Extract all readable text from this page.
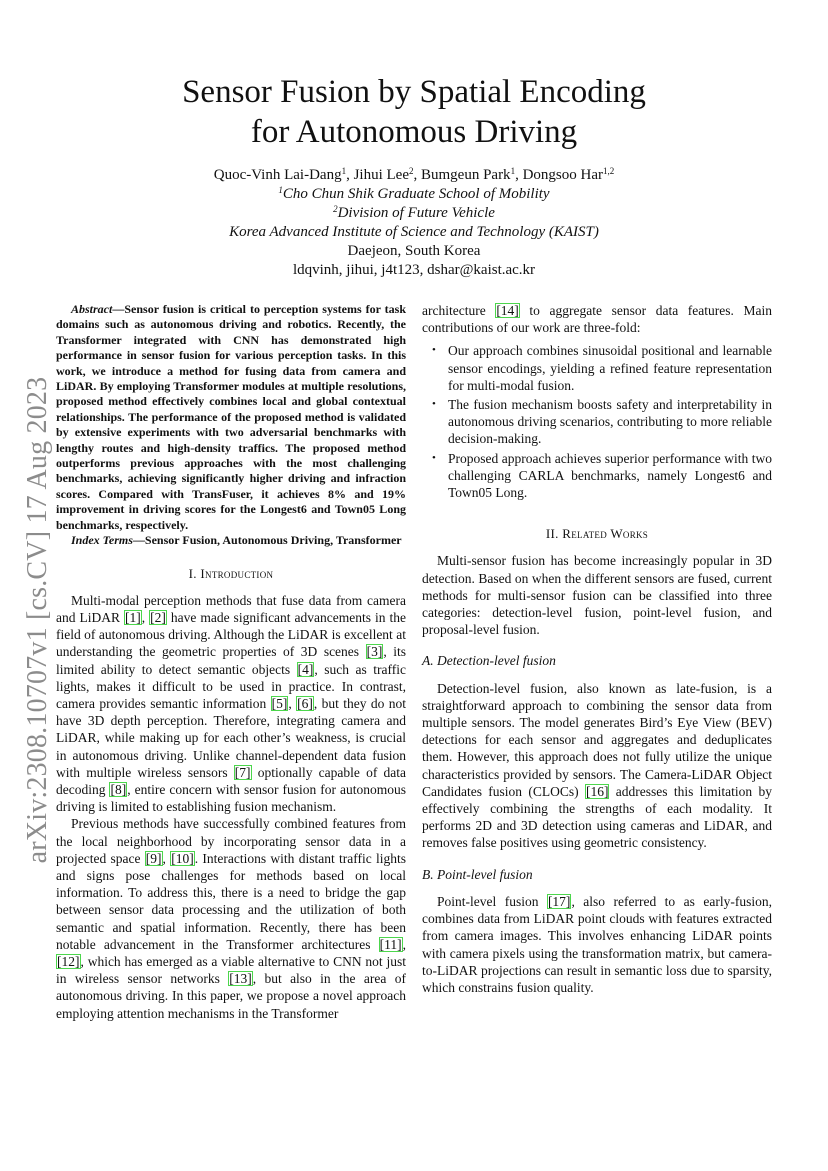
arXiv:2308.10707v1 [cs.CV] 17 Aug 2023
Sensor Fusion by Spatial Encoding
for Autonomous Driving
Quoc-Vinh Lai-Dang$^1$, Jihui Lee$^2$, Bumgeun Park$^1$, Dongsoo Har$^{1,2}$
$^1$Cho Chun Shik Graduate School of Mobility
$^2$Division of Future Vehicle
Korea Advanced Institute of Science and Technology (KAIST)
Daejeon, South Korea
ldqvinh, jihui, j4t123, dshar@kaist.ac.kr

Abstract—Sensor fusion is critical to perception systems for task domains such as autonomous driving and robotics. Recently, the Transformer integrated with CNN has demonstrated high performance in sensor fusion for various perception tasks. In this work, we introduce a method for fusing data from camera and LiDAR. By employing Transformer modules at multiple resolutions, proposed method effectively combines local and global contextual relationships. The performance of the proposed method is validated by extensive experiments with two adversarial benchmarks with lengthy routes and high-density traffics. The proposed method outperforms previous approaches with the most challenging benchmarks, achieving significantly higher driving and infraction scores. Compared with TransFuser, it achieves 8% and 19% improvement in driving scores for the Longest6 and Town05 Long benchmarks, respectively.

Index Terms—Sensor Fusion, Autonomous Driving, Transformer

I. Introduction

Multi-modal perception methods that fuse data from camera and LiDAR [1], [2] have made significant advancements in the field of autonomous driving. Although the LiDAR is excellent at understanding the geometric properties of 3D scenes [3], its limited ability to detect semantic objects [4], such as traffic lights, makes it difficult to be used in practice. In contrast, camera provides semantic information [5], [6], but they do not have 3D depth perception. Therefore, integrating camera and LiDAR, while making up for each other’s weakness, is crucial in autonomous driving. Unlike channel-dependent data fusion with multiple wireless sensors [7] optionally capable of data decoding [8], entire concern with sensor fusion for autonomous driving is limited to establishing fusion mechanism.

Previous methods have successfully combined features from the local neighborhood by incorporating sensor data in a projected space [9], [10]. Interactions with distant traffic lights and signs pose challenges for methods based on local information. To address this, there is a need to bridge the gap between sensor data processing and the utilization of both semantic and spatial information. Recently, there has been notable advancement in the Transformer architectures [11], [12], which has emerged as a viable alternative to CNN not just in wireless sensor networks [13], but also in the area of autonomous driving. In this paper, we propose a novel approach employing attention mechanisms in the Transformer

architecture [14] to aggregate sensor data features. Main contributions of our work are three-fold:

• Our approach combines sinusoidal positional and learnable sensor encodings, yielding a refined feature representation for multi-modal fusion.
• The fusion mechanism boosts safety and interpretability in autonomous driving scenarios, contributing to more reliable decision-making.
• Proposed approach achieves superior performance with two challenging CARLA benchmarks, namely Longest6 and Town05 Long.
II. Related Works

Multi-sensor fusion has become increasingly popular in 3D detection. Based on when the different sensors are fused, current methods for multi-sensor fusion can be classified into three categories: detection-level fusion, point-level fusion, and proposal-level fusion.

A. Detection-level fusion

Detection-level fusion, also known as late-fusion, is a straightforward approach to combining the sensor data from multiple sensors. The model generates Bird’s Eye View (BEV) detections for each sensor and aggregates and deduplicates them. However, this approach does not fully utilize the unique characteristics provided by sensors. The Camera-LiDAR Object Candidates fusion (CLOCs) [16] addresses this limitation by effectively combining the strengths of each modality. It performs 2D and 3D detection using cameras and LiDAR, and removes false positives using geometric consistency.

B. Point-level fusion

Point-level fusion [17], also referred to as early-fusion, combines data from LiDAR point clouds with features extracted from camera images. This involves enhancing LiDAR points with camera pixels using the transformation matrix, but camera-to-LiDAR projections can result in semantic loss due to sparsity, which constrains fusion quality.
